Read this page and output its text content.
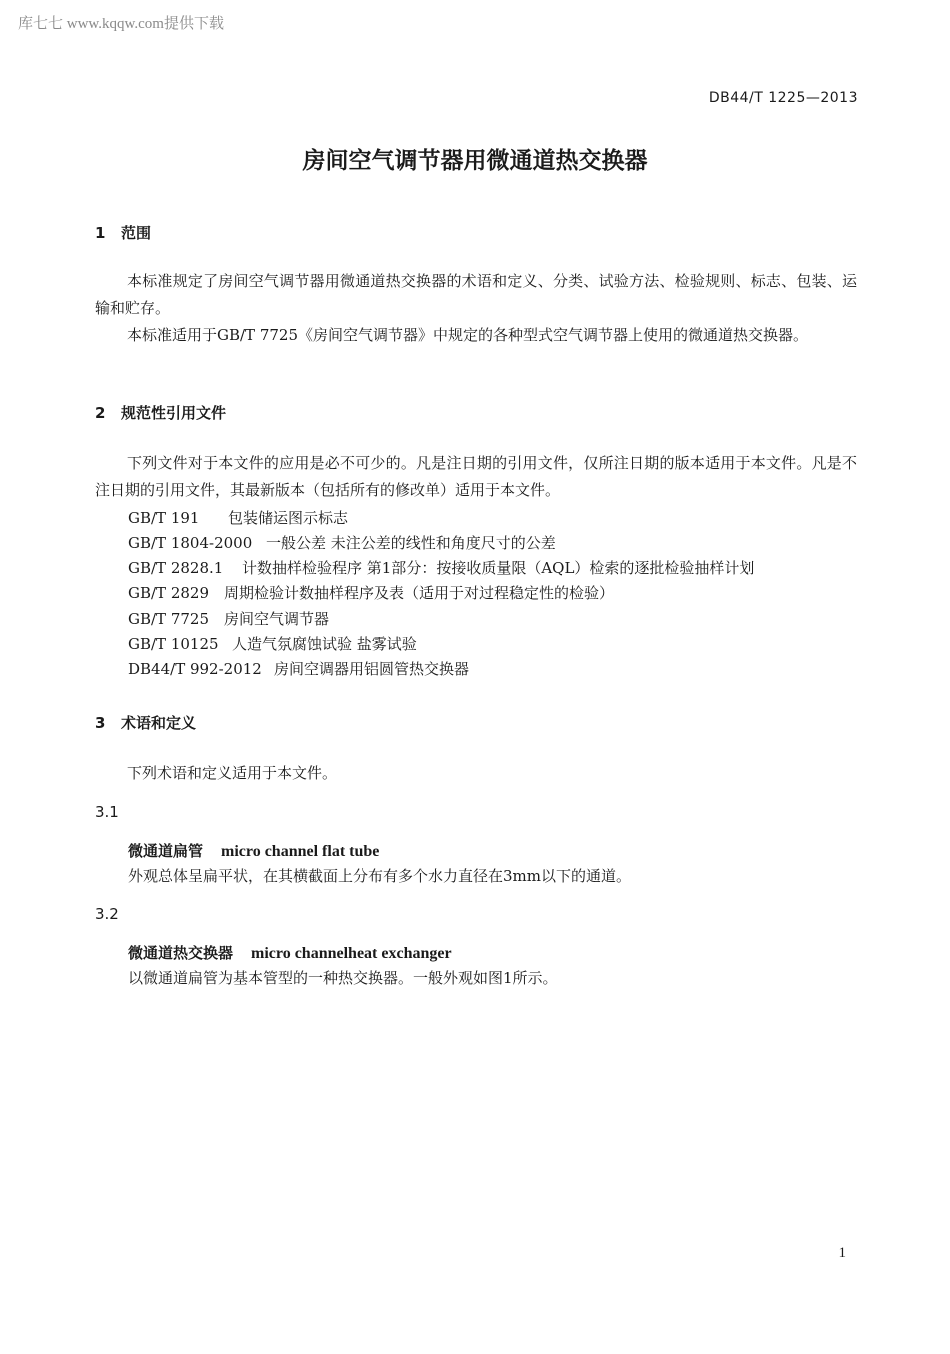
库七七 www.kqqw.com提供下载
DB44/T 1225—2013
房间空气调节器用微通道热交换器
1 范围
本标准规定了房间空气调节器用微通道热交换器的术语和定义、分类、试验方法、检验规则、标志、包装、运输和贮存。
本标准适用于GB/T 7725《房间空气调节器》中规定的各种型式空气调节器上使用的微通道热交换器。
2 规范性引用文件
下列文件对于本文件的应用是必不可少的。凡是注日期的引用文件，仅所注日期的版本适用于本文件。凡是不注日期的引用文件，其最新版本（包括所有的修改单）适用于本文件。
GB/T 191 包装储运图示标志
GB/T 1804-2000 一般公差 未注公差的线性和角度尺寸的公差
GB/T 2828.1 计数抽样检验程序 第1部分：按接收质量限（AQL）检索的逐批检验抽样计划
GB/T 2829 周期检验计数抽样程序及表（适用于对过程稳定性的检验）
GB/T 7725 房间空气调节器
GB/T 10125 人造气氛腐蚀试验 盐雾试验
DB44/T 992-2012 房间空调器用铝圆管热交换器
3 术语和定义
下列术语和定义适用于本文件。
3.1
微通道扁管 micro channel flat tube
外观总体呈扁平状，在其横截面上分布有多个水力直径在3mm以下的通道。
3.2
微通道热交换器 micro channelheat exchanger
以微通道扁管为基本管型的一种热交换器。一般外观如图1所示。
1
